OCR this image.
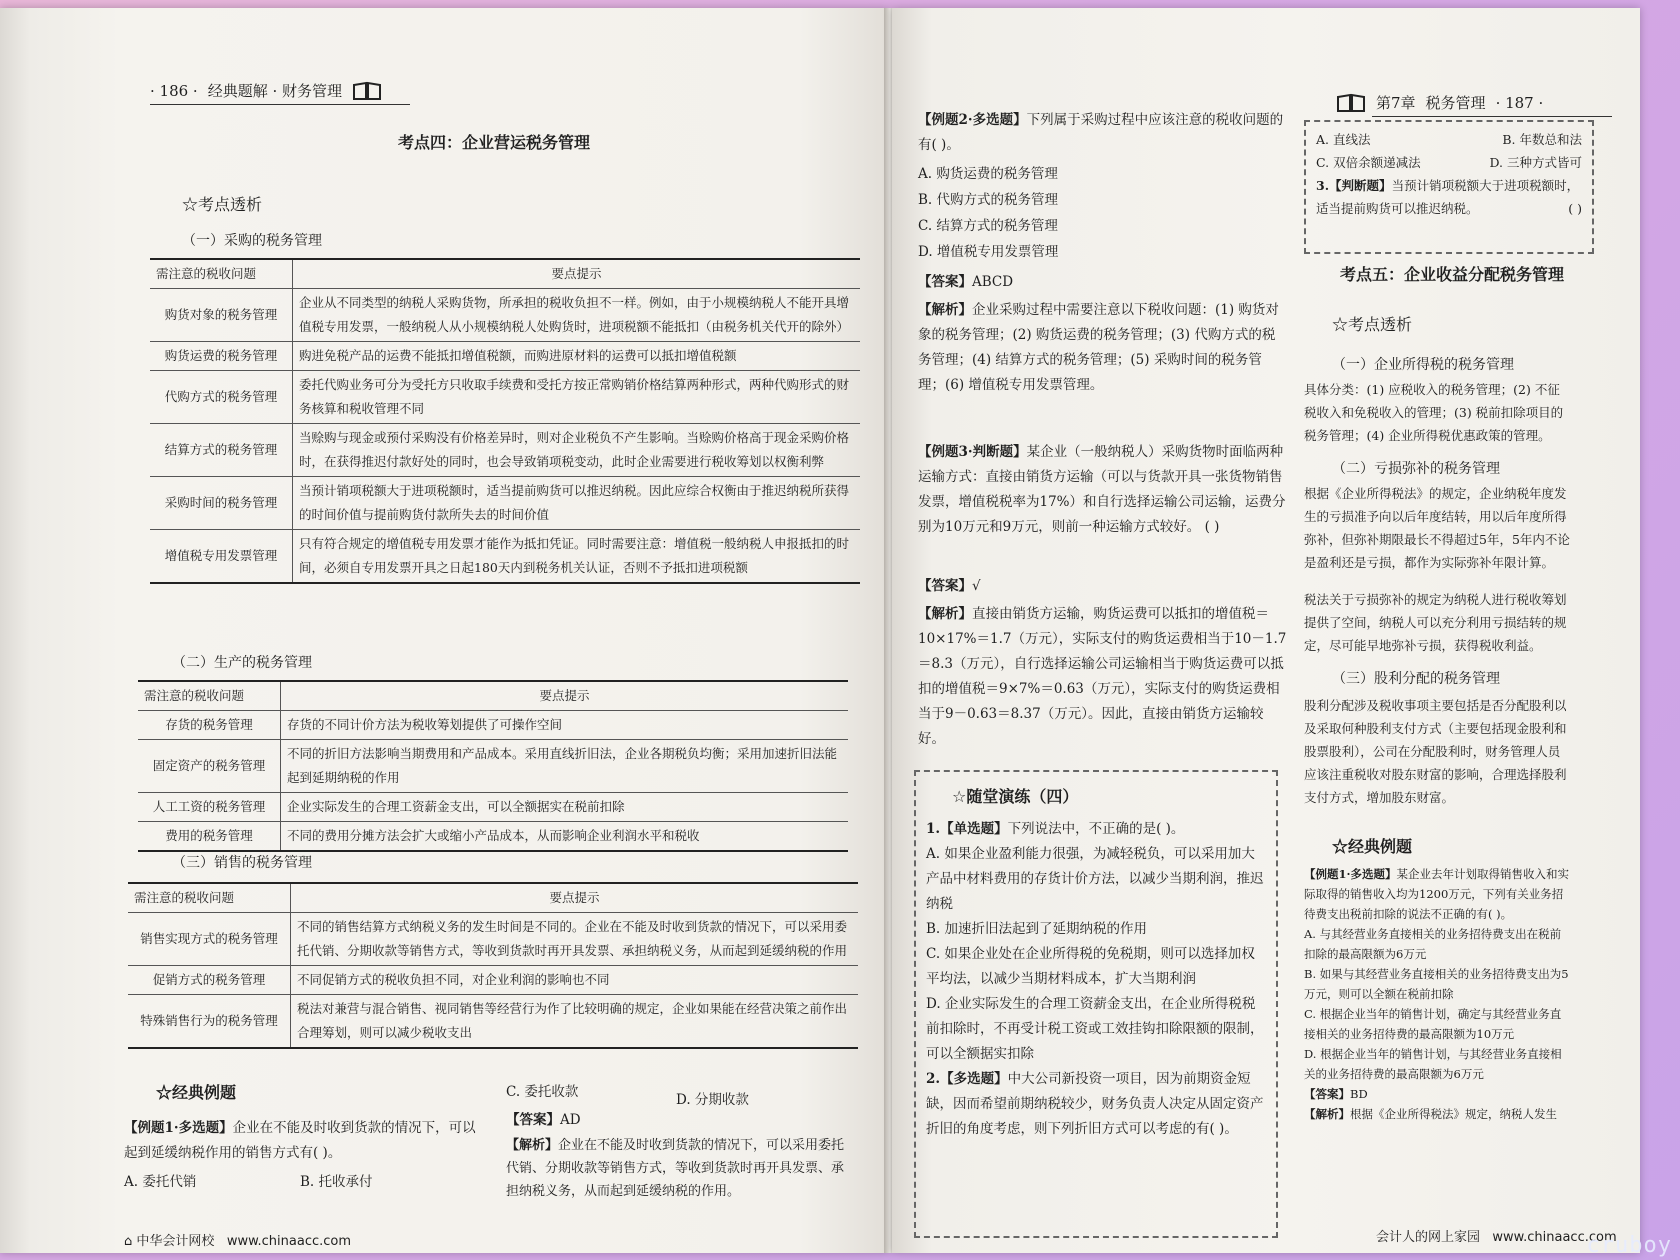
· 186 · 经典题解 · 财务管理
考点四：企业营运税务管理
☆考点透析
（一）采购的税务管理
需注意的税收问题	要点提示
购货对象的税务管理	企业从不同类型的纳税人采购货物，所承担的税收负担不一样。例如，由于小规模纳税人不能开具增值税专用发票，一般纳税人从小规模纳税人处购货时，进项税额不能抵扣（由税务机关代开的除外）
购货运费的税务管理	购进免税产品的运费不能抵扣增值税额，而购进原材料的运费可以抵扣增值税额
代购方式的税务管理	委托代购业务可分为受托方只收取手续费和受托方按正常购销价格结算两种形式，两种代购形式的财务核算和税收管理不同
结算方式的税务管理	当赊购与现金或预付采购没有价格差异时，则对企业税负不产生影响。当赊购价格高于现金采购价格时，在获得推迟付款好处的同时，也会导致销项税变动，此时企业需要进行税收筹划以权衡利弊
采购时间的税务管理	当预计销项税额大于进项税额时，适当提前购货可以推迟纳税。因此应综合权衡由于推迟纳税所获得的时间价值与提前购货付款所失去的时间价值
增值税专用发票管理	只有符合规定的增值税专用发票才能作为抵扣凭证。同时需要注意：增值税一般纳税人申报抵扣的时间，必须自专用发票开具之日起180天内到税务机关认证，否则不予抵扣进项税额
（二）生产的税务管理
需注意的税收问题	要点提示
存货的税务管理	存货的不同计价方法为税收筹划提供了可操作空间
固定资产的税务管理	不同的折旧方法影响当期费用和产品成本。采用直线折旧法，企业各期税负均衡；采用加速折旧法能起到延期纳税的作用
人工工资的税务管理	企业实际发生的合理工资薪金支出，可以全额据实在税前扣除
费用的税务管理	不同的费用分摊方法会扩大或缩小产品成本，从而影响企业利润水平和税收
（三）销售的税务管理
需注意的税收问题	要点提示
销售实现方式的税务管理	不同的销售结算方式纳税义务的发生时间是不同的。企业在不能及时收到货款的情况下，可以采用委托代销、分期收款等销售方式，等收到货款时再开具发票、承担纳税义务，从而起到延缓纳税的作用
促销方式的税务管理	不同促销方式的税收负担不同，对企业利润的影响也不同
特殊销售行为的税务管理	税法对兼营与混合销售、视同销售等经营行为作了比较明确的规定，企业如果能在经营决策之前作出合理筹划，则可以减少税收支出
☆经典例题
【例题1·多选题】企业在不能及时收到货款的情况下，可以起到延缓纳税作用的销售方式有( )。
A. 委托代销	B. 托收承付
C. 委托收款	D. 分期收款
【答案】AD
【解析】企业在不能及时收到货款的情况下，可以采用委托代销、分期收款等销售方式，等收到货款时再开具发票、承担纳税义务，从而起到延缓纳税的作用。
⌂ 中华会计网校 www.chinaacc.com
第7章 税务管理 · 187 ·
【例题2·多选题】下列属于采购过程中应该注意的税收问题的有( )。
A. 购货运费的税务管理
B. 代购方式的税务管理
C. 结算方式的税务管理
D. 增值税专用发票管理
【答案】ABCD
【解析】企业采购过程中需要注意以下税收问题：(1) 购货对象的税务管理；(2) 购货运费的税务管理；(3) 代购方式的税务管理；(4) 结算方式的税务管理；(5) 采购时间的税务管理；(6) 增值税专用发票管理。
【例题3·判断题】某企业（一般纳税人）采购货物时面临两种运输方式：直接由销货方运输（可以与货款开具一张货物销售发票，增值税税率为17%）和自行选择运输公司运输，运费分别为10万元和9万元，则前一种运输方式较好。 ( )
【答案】√
【解析】直接由销货方运输，购货运费可以抵扣的增值税＝10×17%＝1.7（万元），实际支付的购货运费相当于10－1.7＝8.3（万元），自行选择运输公司运输相当于购货运费可以抵扣的增值税＝9×7%＝0.63（万元），实际支付的购货运费相当于9－0.63＝8.37（万元）。因此，直接由销货方运输较好。
☆随堂演练（四）
1.【单选题】下列说法中，不正确的是( )。
A. 如果企业盈利能力很强，为减轻税负，可以采用加大产品中材料费用的存货计价方法，以减少当期利润，推迟纳税
B. 加速折旧法起到了延期纳税的作用
C. 如果企业处在企业所得税的免税期，则可以选择加权平均法，以减少当期材料成本，扩大当期利润
D. 企业实际发生的合理工资薪金支出，在企业所得税税前扣除时，不再受计税工资或工效挂钩扣除限额的限制，可以全额据实扣除
2.【多选题】中大公司新投资一项目，因为前期资金短缺，因而希望前期纳税较少，财务负责人决定从固定资产折旧的角度考虑，则下列折旧方式可以考虑的有( )。
A. 直线法	B. 年数总和法
C. 双倍余额递减法	D. 三种方式皆可
3.【判断题】当预计销项税额大于进项税额时，适当提前购货可以推迟纳税。	( )
考点五：企业收益分配税务管理
☆考点透析
（一）企业所得税的税务管理
具体分类：(1) 应税收入的税务管理；(2) 不征税收入和免税收入的管理；(3) 税前扣除项目的税务管理；(4) 企业所得税优惠政策的管理。
（二）亏损弥补的税务管理
根据《企业所得税法》的规定，企业纳税年度发生的亏损准予向以后年度结转，用以后年度所得弥补，但弥补期限最长不得超过5年，5年内不论是盈利还是亏损，都作为实际弥补年限计算。
税法关于亏损弥补的规定为纳税人进行税收筹划提供了空间，纳税人可以充分利用亏损结转的规定，尽可能早地弥补亏损，获得税收利益。
（三）股利分配的税务管理
股利分配涉及税收事项主要包括是否分配股利以及采取何种股利支付方式（主要包括现金股利和股票股利），公司在分配股利时，财务管理人员应该注重税收对股东财富的影响，合理选择股利支付方式，增加股东财富。
☆经典例题
【例题1·多选题】某企业去年计划取得销售收入和实际取得的销售收入均为1200万元，下列有关业务招待费支出税前扣除的说法不正确的有( )。
A. 与其经营业务直接相关的业务招待费支出在税前扣除的最高限额为6万元
B. 如果与其经营业务直接相关的业务招待费支出为5万元，则可以全额在税前扣除
C. 根据企业当年的销售计划，确定与其经营业务直接相关的业务招待费的最高限额为10万元
D. 根据企业当年的销售计划，与其经营业务直接相关的业务招待费的最高限额为6万元
【答案】BD
【解析】根据《企业所得税法》规定，纳税人发生
会计人的网上家园 www.chinaacc.com
cruboy
